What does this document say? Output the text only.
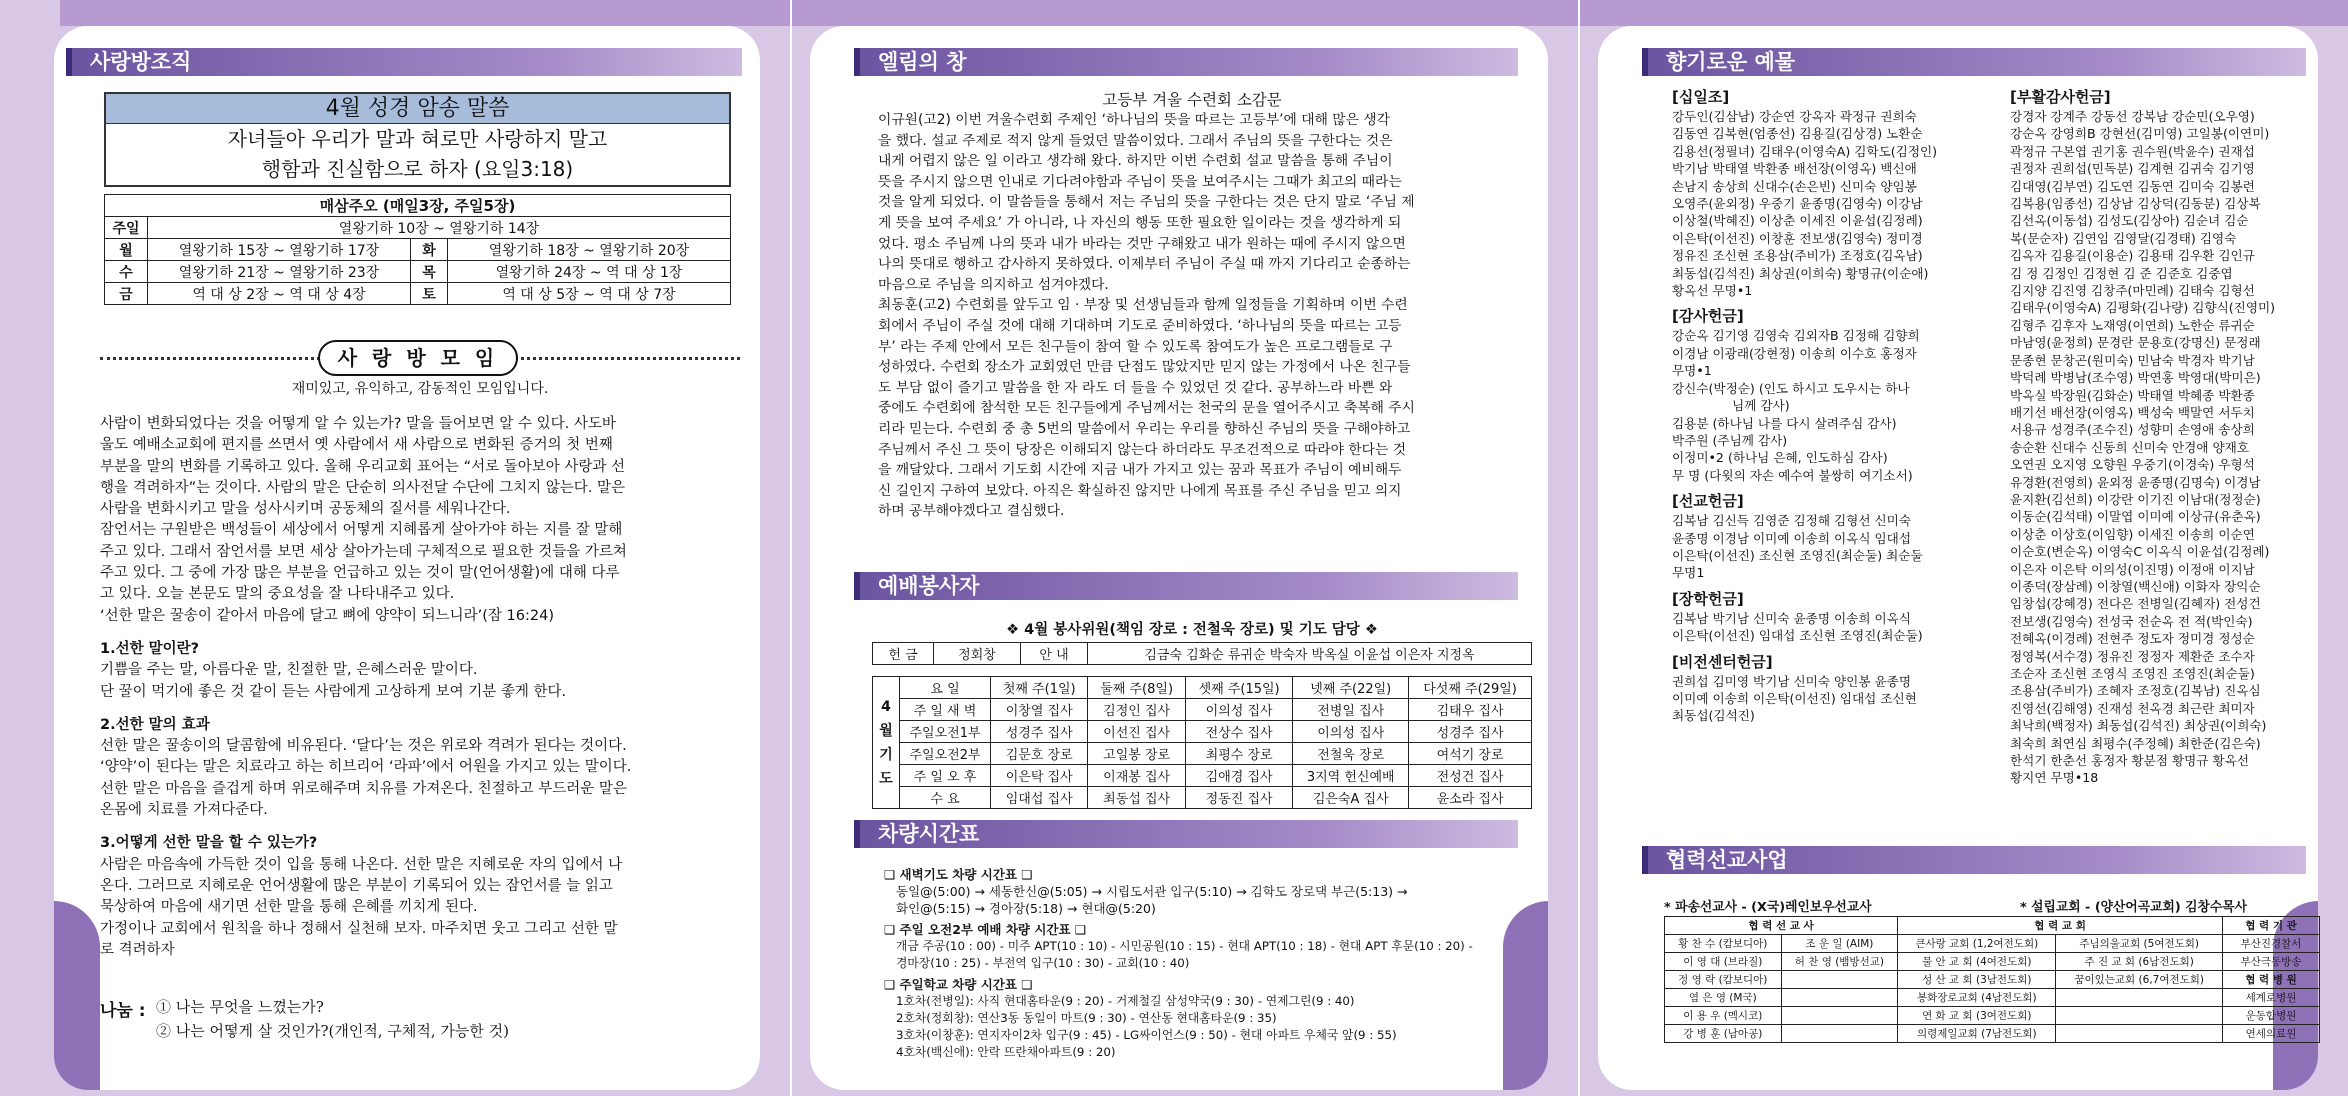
사랑방조직
4월 성경 암송 말씀
자녀들아 우리가 말과 혀로만 사랑하지 말고
행함과 진실함으로 하자 (요일3:18)
매삼주오 (매일3장, 주일5장)			
주일	열왕기하 10장 ~ 열왕기하 14장		
월	열왕기하 15장 ~ 열왕기하 17장	화	열왕기하 18장 ~ 열왕기하 20장
수	열왕기하 21장 ~ 열왕기하 23장	목	열왕기하 24장 ~ 역 대 상 1장
금	역 대 상 2장 ~ 역 대 상 4장	토	역 대 상 5장 ~ 역 대 상 7장
사 랑 방 모 임
재미있고, 유익하고, 감동적인 모임입니다.
사람이 변화되었다는 것을 어떻게 알 수 있는가? 말을 들어보면 알 수 있다. 사도바
울도 예배소교회에 편지를 쓰면서 옛 사람에서 새 사람으로 변화된 증거의 첫 번째
부분을 말의 변화를 기록하고 있다. 올해 우리교회 표어는 “서로 돌아보아 사랑과 선
행을 격려하자”는 것이다. 사람의 말은 단순히 의사전달 수단에 그치지 않는다. 말은
사람을 변화시키고 말을 성사시키며 공동체의 질서를 세워나간다.
잠언서는 구원받은 백성들이 세상에서 어떻게 지혜롭게 살아가야 하는 지를 잘 말해
주고 있다. 그래서 잠언서를 보면 세상 살아가는데 구체적으로 필요한 것들을 가르쳐
주고 있다. 그 중에 가장 많은 부분을 언급하고 있는 것이 말(언어생활)에 대해 다루
고 있다. 오늘 본문도 말의 중요성을 잘 나타내주고 있다.
‘선한 말은 꿀송이 같아서 마음에 달고 뼈에 양약이 되느니라’(잠 16:24)
1.선한 말이란?
기쁨을 주는 말, 아름다운 말, 친절한 말, 은혜스러운 말이다.
단 꿀이 먹기에 좋은 것 같이 듣는 사람에게 고상하게 보여 기분 좋게 한다.
2.선한 말의 효과
선한 말은 꿀송이의 달콤함에 비유된다. ‘달다’는 것은 위로와 격려가 된다는 것이다.
‘양약’이 된다는 말은 치료라고 하는 히브리어 ‘라파’에서 어원을 가지고 있는 말이다.
선한 말은 마음을 즐겁게 하며 위로해주며 치유를 가져온다. 친절하고 부드러운 말은
온몸에 치료를 가져다준다.
3.어떻게 선한 말을 할 수 있는가?
사람은 마음속에 가득한 것이 입을 통해 나온다. 선한 말은 지혜로운 자의 입에서 나
온다. 그러므로 지혜로운 언어생활에 많은 부분이 기록되어 있는 잠언서를 늘 읽고
묵상하여 마음에 새기면 선한 말을 통해 은혜를 끼치게 된다.
가정이나 교회에서 원칙을 하나 정해서 실천해 보자. 마주치면 웃고 그리고 선한 말
로 격려하자
나눔 : ① 나는 무엇을 느꼈는가?
② 나는 어떻게 살 것인가?(개인적, 구체적, 가능한 것)
엘림의 창
고등부 겨울 수련회 소감문
이규원(고2) 이번 겨울수련회 주제인 ‘하나님의 뜻을 따르는 고등부’에 대해 많은 생각
을 했다. 설교 주제로 적지 않게 들었던 말씀이었다. 그래서 주님의 뜻을 구한다는 것은
내게 어렵지 않은 일 이라고 생각해 왔다. 하지만 이번 수련회 설교 말씀을 통해 주님이
뜻을 주시지 않으면 인내로 기다려야함과 주님이 뜻을 보여주시는 그때가 최고의 때라는
것을 알게 되었다. 이 말씀들을 통해서 저는 주님의 뜻을 구한다는 것은 단지 말로 ‘주님 제
게 뜻을 보여 주세요’ 가 아니라, 나 자신의 행동 또한 필요한 일이라는 것을 생각하게 되
었다. 평소 주님께 나의 뜻과 내가 바라는 것만 구해왔고 내가 원하는 때에 주시지 않으면
나의 뜻대로 행하고 감사하지 못하였다. 이제부터 주님이 주실 때 까지 기다리고 순종하는
마음으로 주님을 의지하고 섬겨야겠다.
최동훈(고2) 수련회를 앞두고 임 · 부장 및 선생님들과 함께 일정들을 기획하며 이번 수련
회에서 주님이 주실 것에 대해 기대하며 기도로 준비하였다. ‘하나님의 뜻을 따르는 고등
부’ 라는 주제 안에서 모든 친구들이 참여 할 수 있도록 참여도가 높은 프로그램들로 구
성하였다. 수련회 장소가 교회였던 만큼 단점도 많았지만 믿지 않는 가정에서 나온 친구들
도 부담 없이 즐기고 말씀을 한 자 라도 더 들을 수 있었던 것 같다. 공부하느라 바쁜 와
중에도 수련회에 참석한 모든 친구들에게 주님께서는 천국의 문을 열어주시고 축복해 주시
리라 믿는다. 수련회 중 총 5번의 말씀에서 우리는 우리를 향하신 주님의 뜻을 구해야하고
주님께서 주신 그 뜻이 당장은 이해되지 않는다 하더라도 무조건적으로 따라야 한다는 것
을 깨달았다. 그래서 기도회 시간에 지금 내가 가지고 있는 꿈과 목표가 주님이 예비해두
신 길인지 구하여 보았다. 아직은 확실하진 않지만 나에게 목표를 주신 주님을 믿고 의지
하며 공부해야겠다고 결심했다.
예배봉사자
❖ 4월 봉사위원(책임 장로 : 전철욱 장로) 및 기도 담당 ❖
헌 금	정회창	안 내	김금숙 김화순 류귀순 박숙자 박옥실 이윤섭 이은자 지정옥
4 월 기 도	요 일	첫째 주(1일)	둘째 주(8일)	셋째 주(15일)	넷째 주(22일)	다섯째 주(29일)
	주 일 새 벽	이창열 집사	김정인 집사	이의성 집사	전병일 집사	김태우 집사
	주일오전1부	성경주 집사	이선진 집사	전상수 집사	이의성 집사	성경주 집사
	주일오전2부	김문호 장로	고일봉 장로	최평수 장로	전철욱 장로	여석기 장로
	주 일 오 후	이은탁 집사	이재봉 집사	김애경 집사	3지역 헌신예배	전성건 집사
	수 요	임대섭 집사	최동섭 집사	정동진 집사	김은숙A 집사	윤소라 집사
차량시간표
❑ 새벽기도 차량 시간표 ❑
동일@(5:00) → 세동한신@(5:05) → 시립도서관 입구(5:10) → 김학도 장로댁 부근(5:13) →
화인@(5:15) → 경아장(5:18) → 현대@(5:20)
❑ 주일 오전2부 예배 차량 시간표 ❑
개금 주공(10 : 00) - 미주 APT(10 : 10) - 시민공원(10 : 15) - 현대 APT(10 : 18) - 현대 APT 후문(10 : 20) -
경마장(10 : 25) - 부전역 입구(10 : 30) - 교회(10 : 40)
❑ 주일학교 차량 시간표 ❑
1호차(전병일): 사직 현대홈타운(9 : 20) - 거제철길 삼성약국(9 : 30) - 연제그린(9 : 40)
2호차(정회창): 연산3동 동일이 마트(9 : 30) - 연산동 현대홈타운(9 : 35)
3호차(이창훈): 연지자이2차 입구(9 : 45) - LG싸이언스(9 : 50) - 현대 아파트 우체국 앞(9 : 55)
4호차(백신애): 안락 뜨란채아파트(9 : 20)
향기로운 예물
[십일조]
강두인(김삼남) 강순연 강옥자 곽정규 권희숙
김동연 김복현(엄종선) 김용길(김상경) 노환순
김용선(정필녀) 김태우(이영숙A) 김학도(김정인)
박기남 박태열 박환종 배선장(이영옥) 백신애
손남지 송상희 신대수(손은빈) 신미숙 양임봉
오영주(윤외정) 우중기 윤종명(김영숙) 이강남
이상철(박혜진) 이상춘 이세진 이윤섭(김정례)
이은탁(이선진) 이창훈 전보생(김영숙) 정미경
정유진 조신현 조용삼(주비가) 조정호(김옥남)
최동섭(김석진) 최상권(이희숙) 황명규(이순애)
황옥선 무명•1
[감사헌금]
강순옥 김기영 김영숙 김외자B 김정해 김향희
이경남 이광래(강현정) 이송희 이수호 홍정자
무명•1
강신수(박정순) (인도 하시고 도우시는 하나
님께 감사)
김용분 (하나님 나를 다시 살려주심 감사)
박주원 (주님께 감사)
이정미•2 (하나님 은혜, 인도하심 감사)
무 명 (다윗의 자손 예수여 불쌍히 여기소서)
[선교헌금]
김복남 김신득 김영준 김정해 김형선 신미숙
윤종명 이경남 이미예 이송희 이옥식 임대섭
이은탁(이선진) 조신현 조영진(최순둘) 최순둘
무명1
[장학헌금]
김복남 박기남 신미숙 윤종명 이송희 이옥식
이은탁(이선진) 임대섭 조신현 조영진(최순둘)
[비전센터헌금]
권희섭 김미영 박기남 신미숙 양인봉 윤종명
이미예 이송희 이은탁(이선진) 임대섭 조신현
최동섭(김석진)
[부활감사헌금]
강경자 강계주 강동선 강복남 강순민(오우영)
강순옥 강영희B 강현선(김미영) 고일봉(이연미)
곽정규 구본엽 권기홍 권수원(박윤수) 권재섭
권정자 권희섭(민독분) 김계현 김귀숙 김기영
김대영(김부연) 김도연 김동연 김미숙 김봉련
김복용(임종선) 김상남 김상덕(김동분) 김상복
김선옥(이동섭) 김성도(김상아) 김순녀 김순
복(문순자) 김연임 김영달(김경태) 김영숙
김옥자 김용길(이용순) 김용태 김우환 김인규
김 정 김정인 김정현 김 준 김준호 김중엽
김지양 김진영 김창주(마민례) 김태숙 김형선
김태우(이영숙A) 김평화(김나량) 김향식(진영미)
김형주 김후자 노재영(이연희) 노한순 류귀순
마남영(윤정희) 문경란 문용호(강명신) 문정래
문종현 문창곤(원미숙) 민남숙 박경자 박기남
박덕례 박병남(조수영) 박연홍 박영대(박미은)
박옥실 박장원(김화순) 박태열 박혜종 박환종
배기선 배선장(이영옥) 백성숙 백말연 서두치
서용규 성경주(조수진) 성향미 손영애 송상희
송순환 신대수 신동희 신미숙 안경애 양재호
오연권 오지영 오향원 우중기(이경숙) 우형석
유경환(전영희) 윤외정 윤종명(김명숙) 이경남
윤지환(김선희) 이강란 이기진 이남대(정정순)
이동순(김석태) 이말엽 이미예 이상규(유춘옥)
이상춘 이상호(이임향) 이세진 이송희 이순연
이순호(변순옥) 이영숙C 이옥식 이윤섭(김정례)
이은자 이은탁 이의성(이진명) 이정애 이지남
이종덕(장삼례) 이창열(백신애) 이화자 장익순
임창섭(강혜경) 전다은 전병일(김혜자) 전성건
전보생(김영숙) 전성국 전순옥 전 적(박인숙)
전혜옥(이경례) 전현주 정도자 정미경 정성순
정영복(서수경) 정유진 정정자 제환준 조수자
조순자 조신현 조영식 조영진 조영진(최순둘)
조용삼(주비가) 조혜자 조정호(김복남) 진옥심
진영선(김해영) 진재성 천옥경 최근란 최미자
최낙희(백정자) 최동섭(김석진) 최상권(이희숙)
최숙희 최연심 최평수(주정혜) 최한준(김은숙)
한석기 한춘선 홍정자 황분점 황명규 황옥선
황지연 무명•18
협력선교사업
* 파송선교사 - (X국)레인보우선교사	* 설립교회 - (양산어곡교회) 김창수목사
협 력 선 교 사		협 력 교 회		협 력 기 관
황 찬 수 (캄보디아)	조 운 일 (AIM)	큰사랑 교회 (1,2여전도회)	주님의울교회 (5여전도회)	부산진경찰서
이 영 대 (브라질)	허 찬 영 (뱀방선교)	물 안 교 회 (4여전도회)	주 진 교 회 (6남전도회)	부산극동방송
정 영 락 (캄보디아)		성 산 교 회 (3남전도회)	꿈이있는교회 (6,7여전도회)	협 력 병 원
염 은 영 (M국)		봉화장로교회 (4남전도회)		세계로병원
이 용 우 (멕시코)		연 화 교 회 (3여전도회)		운동합병원
강 병 훈 (남아공)		의령제일교회 (7남전도회)		연세의료원
